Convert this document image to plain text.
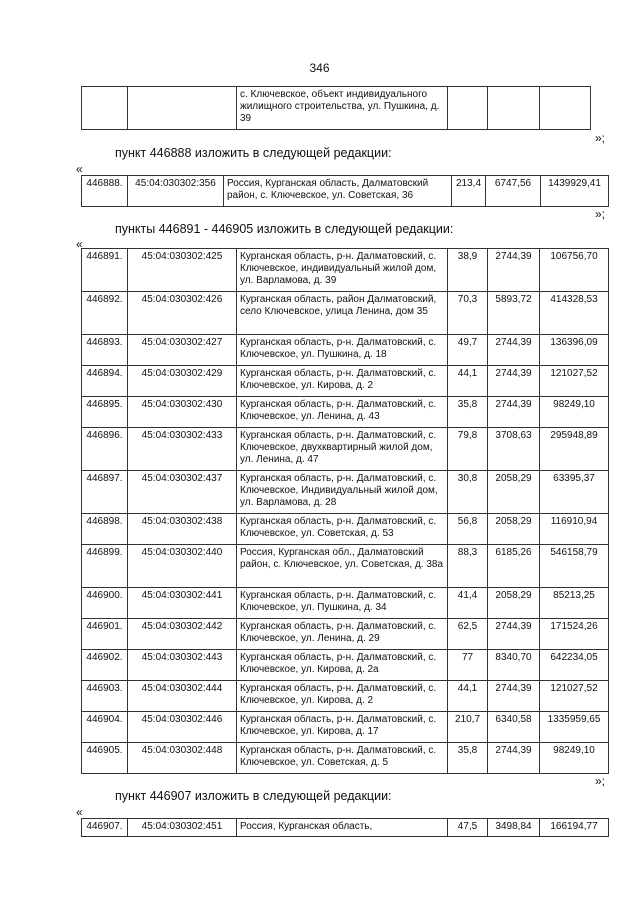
346
		с. Ключевское, объект индивидуального жилищного строительства, ул. Пушкина, д. 39			
»;
пункт 446888 изложить в следующей редакции:
«
446888.	45:04:030302:356	Россия, Курганская область, Далматовский район, с. Ключевское, ул. Советская, 36	213,4	6747,56	1439929,41
»;
пункты 446891 - 446905 изложить в следующей редакции:
«
446891.	45:04:030302:425	Курганская область, р-н. Далматовский, с. Ключевское, индивидуальный жилой дом, ул. Варламова, д. 39	38,9	2744,39	106756,70
446892.	45:04:030302:426	Курганская область, район Далматовский, село Ключевское, улица Ленина, дом 35	70,3	5893,72	414328,53
446893.	45:04:030302:427	Курганская область, р-н. Далматовский, с. Ключевское, ул. Пушкина, д. 18	49,7	2744,39	136396,09
446894.	45:04:030302:429	Курганская область, р-н. Далматовский, с. Ключевское, ул. Кирова, д. 2	44,1	2744,39	121027,52
446895.	45:04:030302:430	Курганская область, р-н. Далматовский, с. Ключевское, ул. Ленина, д. 43	35,8	2744,39	98249,10
446896.	45:04:030302:433	Курганская область, р-н. Далматовский, с. Ключевское, двухквартирный жилой дом, ул. Ленина, д. 47	79,8	3708,63	295948,89
446897.	45:04:030302:437	Курганская область, р-н. Далматовский, с. Ключевское, Индивидуальный жилой дом, ул. Варламова, д. 28	30,8	2058,29	63395,37
446898.	45:04:030302:438	Курганская область, р-н. Далматовский, с. Ключевское, ул. Советская, д. 53	56,8	2058,29	116910,94
446899.	45:04:030302:440	Россия, Курганская обл., Далматовский район, с. Ключевское, ул. Советская, д. 38а	88,3	6185,26	546158,79
446900.	45:04:030302:441	Курганская область, р-н. Далматовский, с. Ключевское, ул. Пушкина, д. 34	41,4	2058,29	85213,25
446901.	45:04:030302:442	Курганская область, р-н. Далматовский, с. Ключевское, ул. Ленина, д. 29	62,5	2744,39	171524,26
446902.	45:04:030302:443	Курганская область, р-н. Далматовский, с. Ключевское, ул. Кирова, д. 2а	77	8340,70	642234,05
446903.	45:04:030302:444	Курганская область, р-н. Далматовский, с. Ключевское, ул. Кирова, д. 2	44,1	2744,39	121027,52
446904.	45:04:030302:446	Курганская область, р-н. Далматовский, с. Ключевское, ул. Кирова, д. 17	210,7	6340,58	1335959,65
446905.	45:04:030302:448	Курганская область, р-н. Далматовский, с. Ключевское, ул. Советская, д. 5	35,8	2744,39	98249,10
»;
пункт 446907 изложить в следующей редакции:
«
446907.	45:04:030302:451	Россия, Курганская область,	47,5	3498,84	166194,77
